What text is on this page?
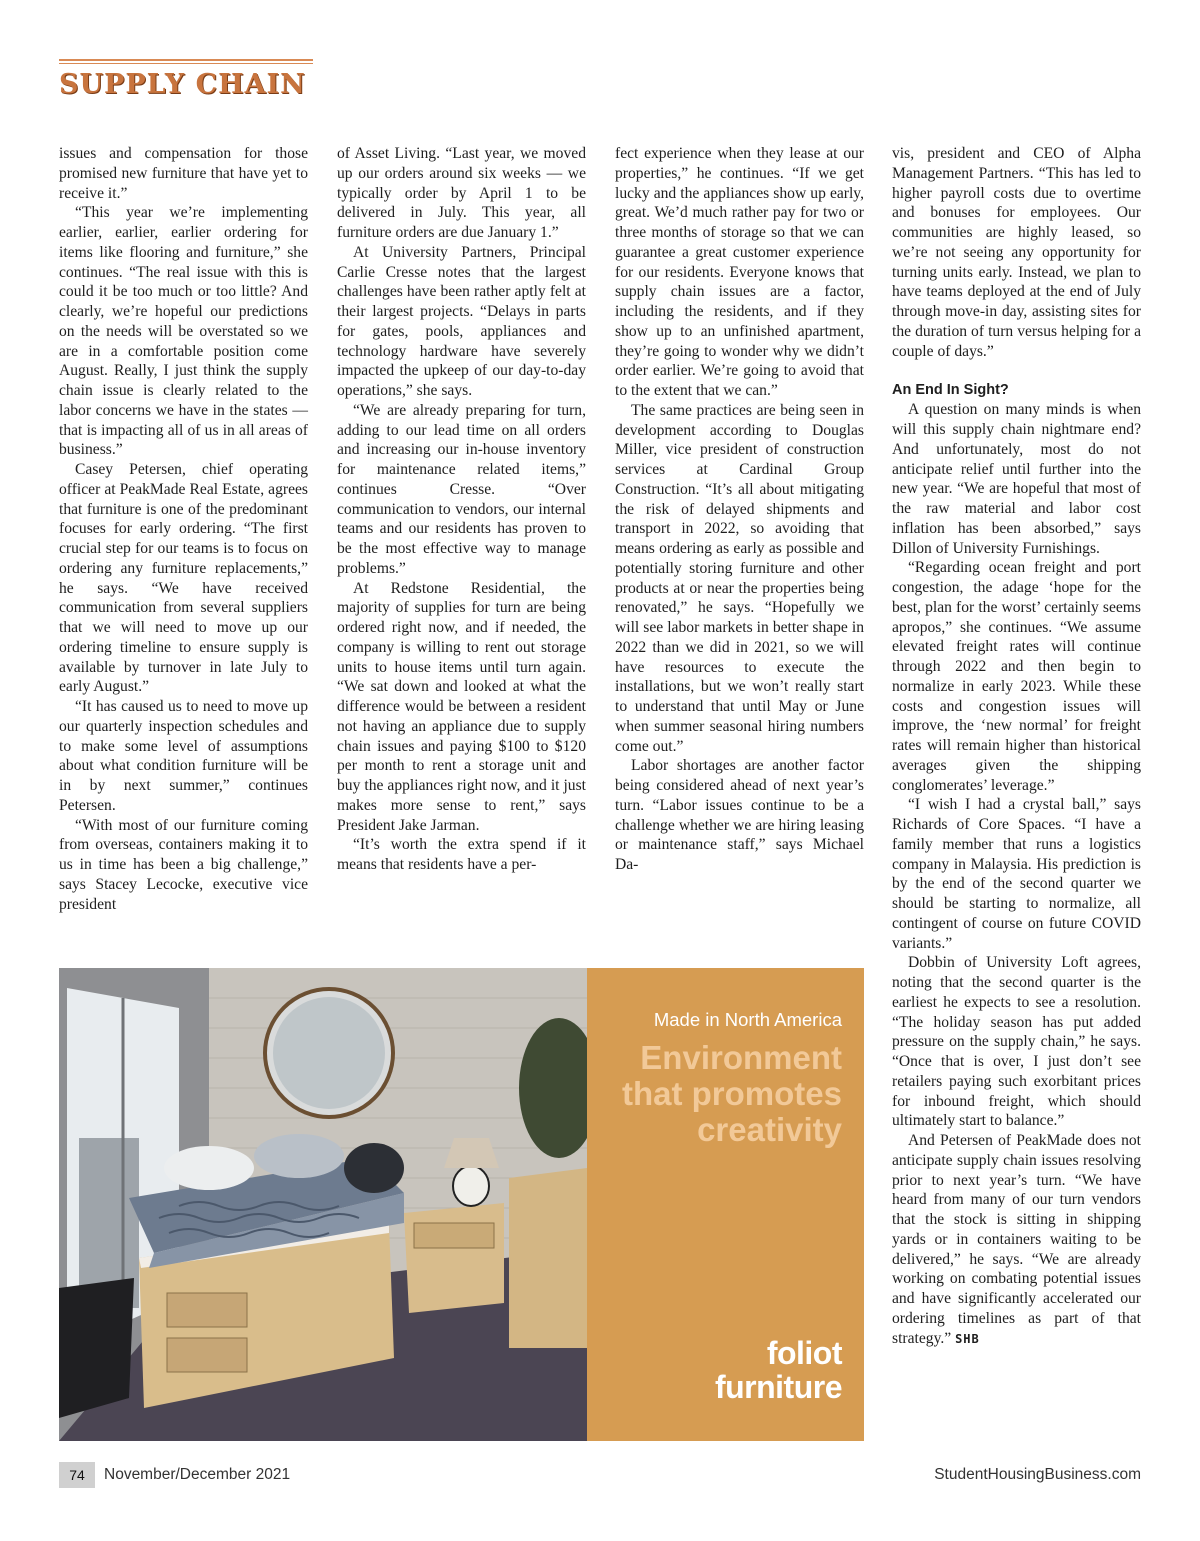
SUPPLY CHAIN

issues and compensation for those promised new furniture that have yet to receive it.”

“This year we’re implementing earlier, earlier, earlier ordering for items like flooring and furniture,” she continues. “The real issue with this is could it be too much or too little? And clearly, we’re hopeful our predictions on the needs will be overstated so we are in a comfortable position come August. Really, I just think the supply chain issue is clearly related to the labor concerns we have in the states — that is impacting all of us in all areas of business.”

Casey Petersen, chief operating officer at PeakMade Real Estate, agrees that furniture is one of the predominant focuses for early ordering. “The first crucial step for our teams is to focus on ordering any furniture replacements,” he says. “We have received communication from several suppliers that we will need to move up our ordering timeline to ensure supply is available by turnover in late July to early August.”

“It has caused us to need to move up our quarterly inspection schedules and to make some level of assumptions about what condition furniture will be in by next summer,” continues Petersen.

“With most of our furniture coming from overseas, containers making it to us in time has been a big challenge,” says Stacey Lecocke, executive vice president

of Asset Living. “Last year, we moved up our orders around six weeks — we typically order by April 1 to be delivered in July. This year, all furniture orders are due January 1.”

At University Partners, Principal Carlie Cresse notes that the largest challenges have been rather aptly felt at their largest projects. “Delays in parts for gates, pools, appliances and technology hardware have severely impacted the upkeep of our day-to-day operations,” she says.

“We are already preparing for turn, adding to our lead time on all orders and increasing our in-house inventory for maintenance related items,” continues Cresse. “Over communication to vendors, our internal teams and our residents has proven to be the most effective way to manage problems.”

At Redstone Residential, the majority of supplies for turn are being ordered right now, and if needed, the company is willing to rent out storage units to house items until turn again. “We sat down and looked at what the difference would be between a resident not having an appliance due to supply chain issues and paying $100 to $120 per month to rent a storage unit and buy the appliances right now, and it just makes more sense to rent,” says President Jake Jarman.

“It’s worth the extra spend if it means that residents have a per-

fect experience when they lease at our properties,” he continues. “If we get lucky and the appliances show up early, great. We’d much rather pay for two or three months of storage so that we can guarantee a great customer experience for our residents. Everyone knows that supply chain issues are a factor, including the residents, and if they show up to an unfinished apartment, they’re going to wonder why we didn’t order earlier. We’re going to avoid that to the extent that we can.”

The same practices are being seen in development according to Douglas Miller, vice president of construction services at Cardinal Group Construction. “It’s all about mitigating the risk of delayed shipments and transport in 2022, so avoiding that means ordering as early as possible and potentially storing furniture and other products at or near the properties being renovated,” he says. “Hopefully we will see labor markets in better shape in 2022 than we did in 2021, so we will have resources to execute the installations, but we won’t really start to understand that until May or June when summer seasonal hiring numbers come out.”

Labor shortages are another factor being considered ahead of next year’s turn. “Labor issues continue to be a challenge whether we are hiring leasing or maintenance staff,” says Michael Da-

vis, president and CEO of Alpha Management Partners. “This has led to higher payroll costs due to overtime and bonuses for employees. Our communities are highly leased, so we’re not seeing any opportunity for turning units early. Instead, we plan to have teams deployed at the end of July through move-in day, assisting sites for the duration of turn versus helping for a couple of days.”

An End In Sight?

A question on many minds is when will this supply chain nightmare end? And unfortunately, most do not anticipate relief until further into the new year. “We are hopeful that most of the raw material and labor cost inflation has been absorbed,” says Dillon of University Furnishings.

“Regarding ocean freight and port congestion, the adage ‘hope for the best, plan for the worst’ certainly seems apropos,” she continues. “We assume elevated freight rates will continue through 2022 and then begin to normalize in early 2023. While these costs and congestion issues will improve, the ‘new normal’ for freight rates will remain higher than historical averages given the shipping conglomerates’ leverage.”

“I wish I had a crystal ball,” says Richards of Core Spaces. “I have a family member that runs a logistics company in Malaysia. His prediction is by the end of the second quarter we should be starting to normalize, all contingent of course on future COVID variants.”

Dobbin of University Loft agrees, noting that the second quarter is the earliest he expects to see a resolution. “The holiday season has put added pressure on the supply chain,” he says. “Once that is over, I just don’t see retailers paying such exorbitant prices for inbound freight, which should ultimately start to balance.”

And Petersen of PeakMade does not anticipate supply chain issues resolving prior to next year’s turn. “We have heard from many of our turn vendors that the stock is sitting in shipping yards or in containers waiting to be delivered,” he says. “We are already working on combating potential issues and have significantly accelerated our ordering timelines as part of that strategy.” SHB

Made in North America
Environment
that promotes
creativity
foliot
furniture
74	November/December 2021	StudentHousingBusiness.com
